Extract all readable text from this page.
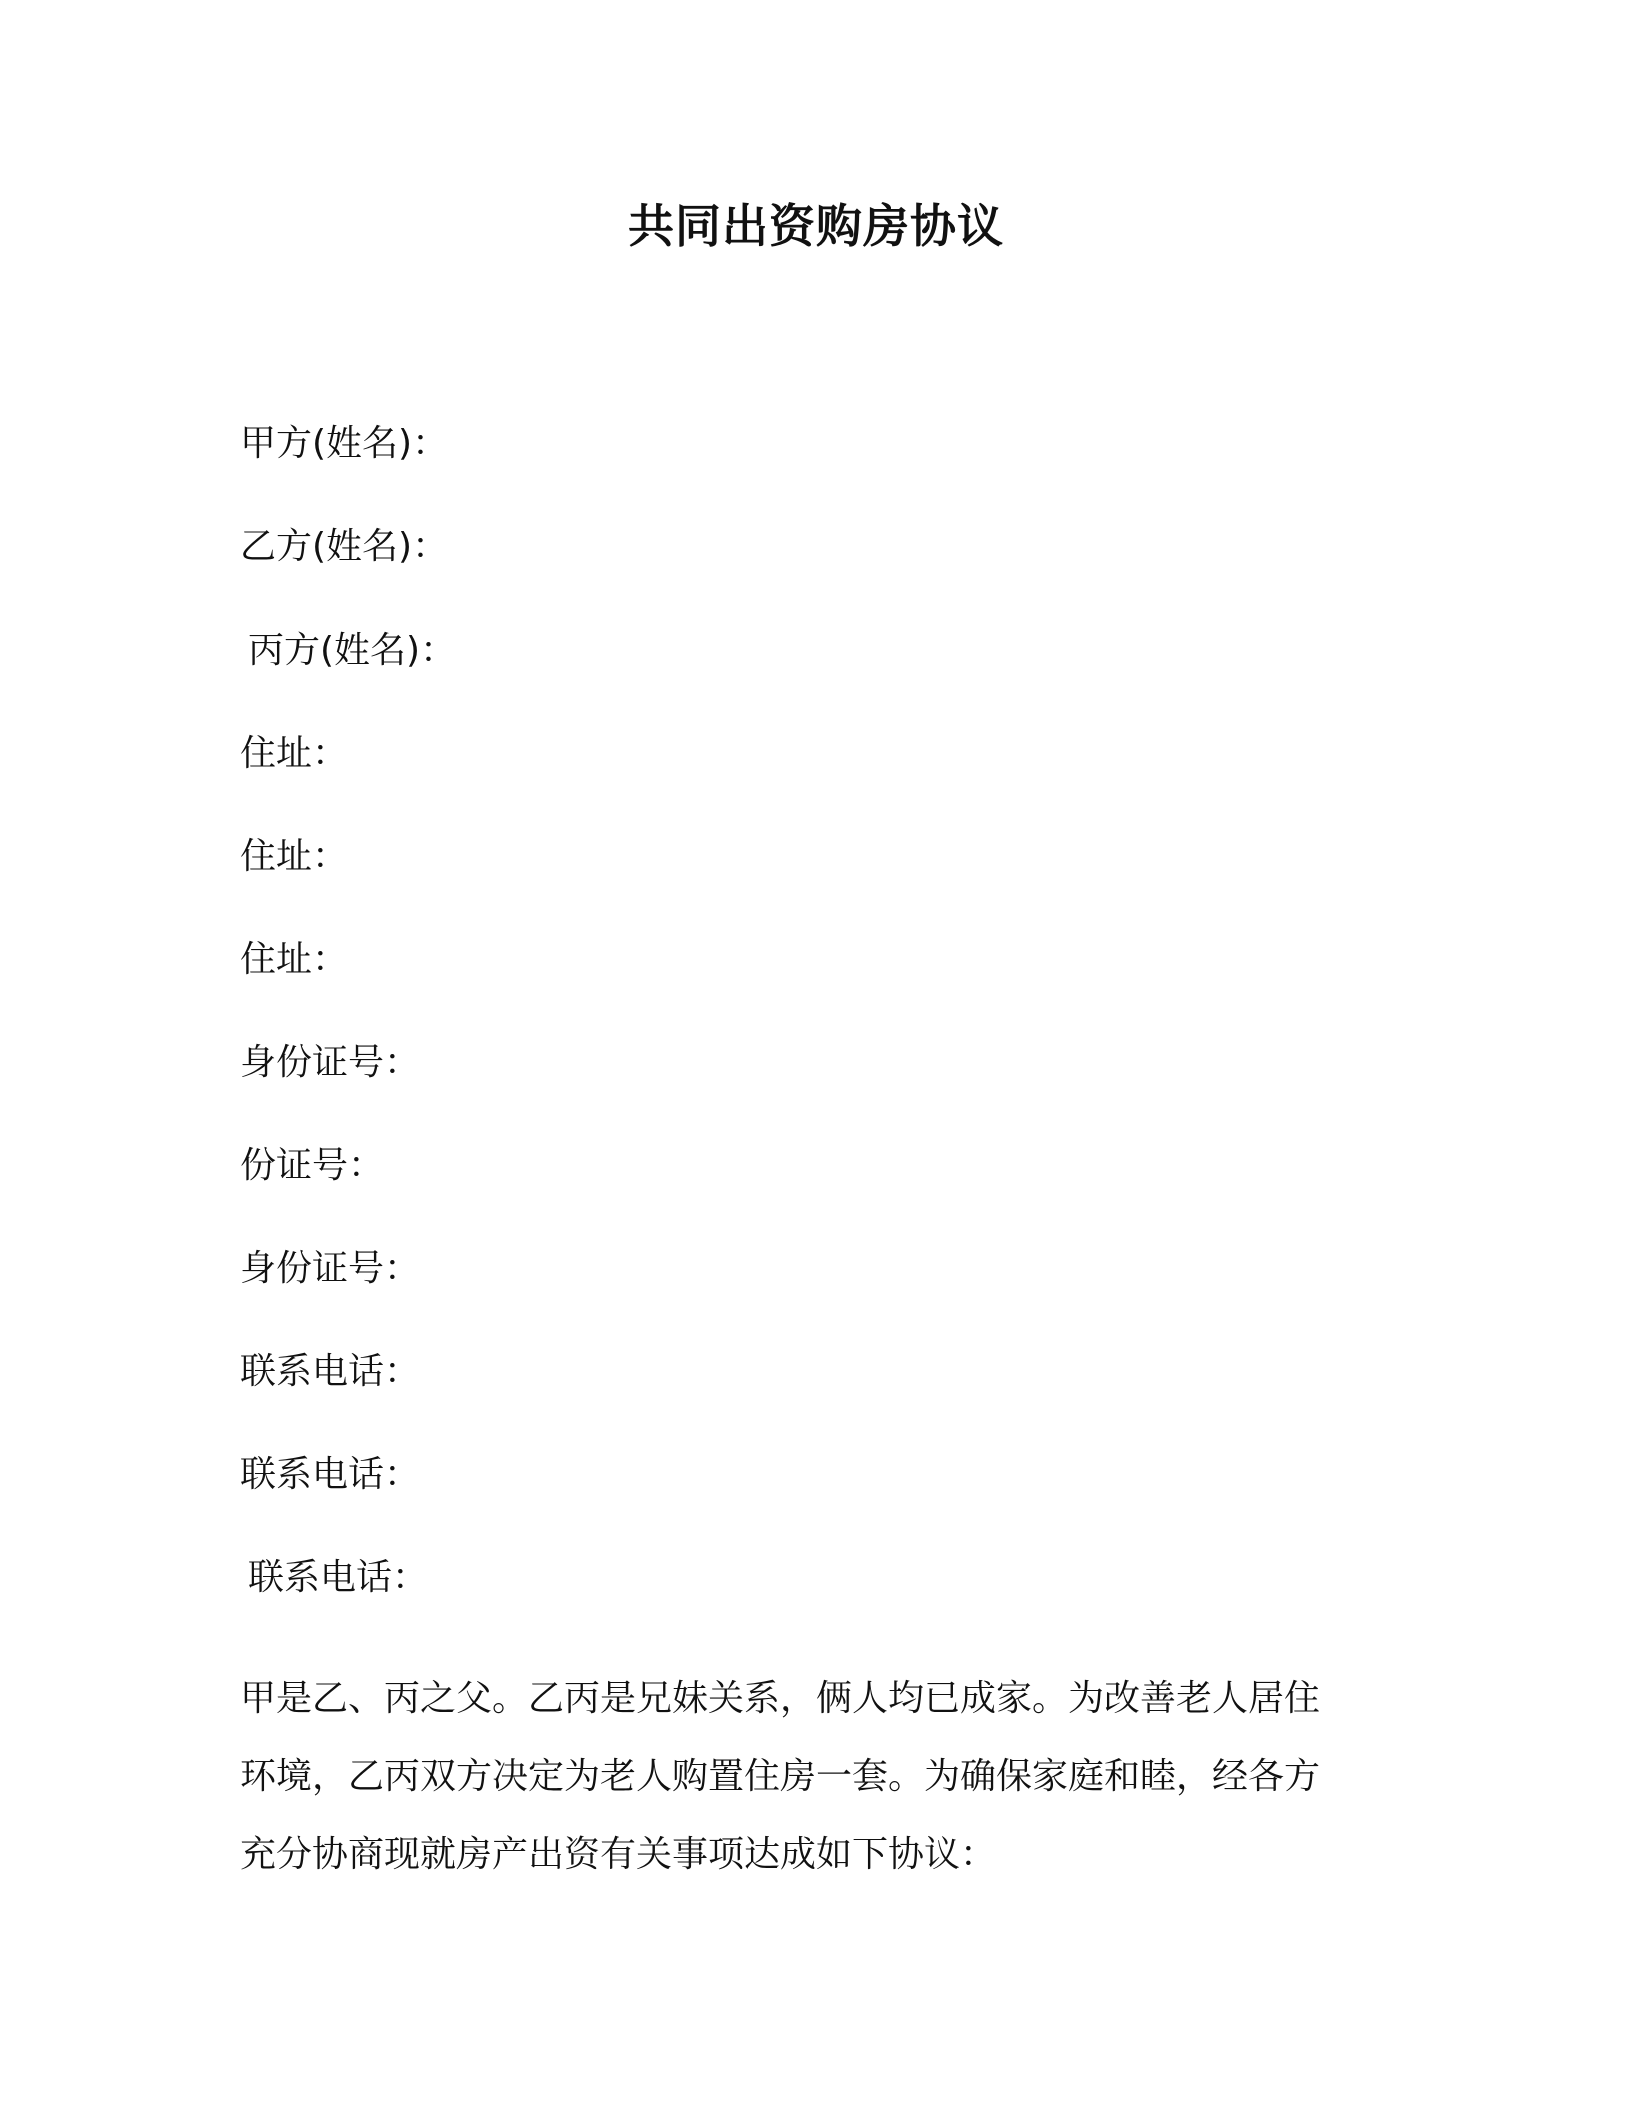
共同出资购房协议
甲方(姓名)：
乙方(姓名)：
丙方(姓名)：
住址：
住址：
住址：
身份证号：
份证号：
身份证号：
联系电话：
联系电话：
联系电话：
甲是乙、丙之父。乙丙是兄妹关系，俩人均已成家。为改善老人居住
环境，乙丙双方决定为老人购置住房一套。为确保家庭和睦，经各方
充分协商现就房产出资有关事项达成如下协议：
